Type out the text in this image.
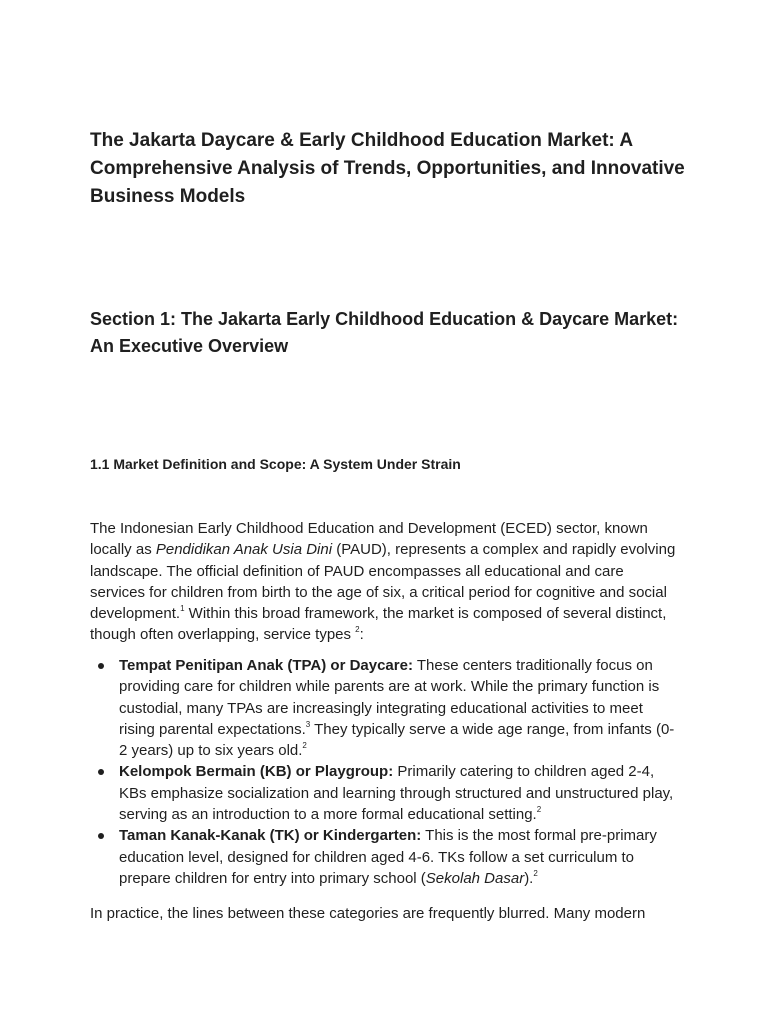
The Jakarta Daycare & Early Childhood Education Market: A Comprehensive Analysis of Trends, Opportunities, and Innovative Business Models
Section 1: The Jakarta Early Childhood Education & Daycare Market: An Executive Overview
1.1 Market Definition and Scope: A System Under Strain

The Indonesian Early Childhood Education and Development (ECED) sector, known locally as Pendidikan Anak Usia Dini (PAUD), represents a complex and rapidly evolving landscape. The official definition of PAUD encompasses all educational and care services for children from birth to the age of six, a critical period for cognitive and social development.$^1$ Within this broad framework, the market is composed of several distinct, though often overlapping, service types $^2$:

Tempat Penitipan Anak (TPA) or Daycare: These centers traditionally focus on providing care for children while parents are at work. While the primary function is custodial, many TPAs are increasingly integrating educational activities to meet rising parental expectations.$^3$ They typically serve a wide age range, from infants (0-2 years) up to six years old.$^2$
Kelompok Bermain (KB) or Playgroup: Primarily catering to children aged 2-4, KBs emphasize socialization and learning through structured and unstructured play, serving as an introduction to a more formal educational setting.$^2$
Taman Kanak-Kanak (TK) or Kindergarten: This is the most formal pre-primary education level, designed for children aged 4-6. TKs follow a set curriculum to prepare children for entry into primary school (Sekolah Dasar).$^2$

In practice, the lines between these categories are frequently blurred. Many modern
